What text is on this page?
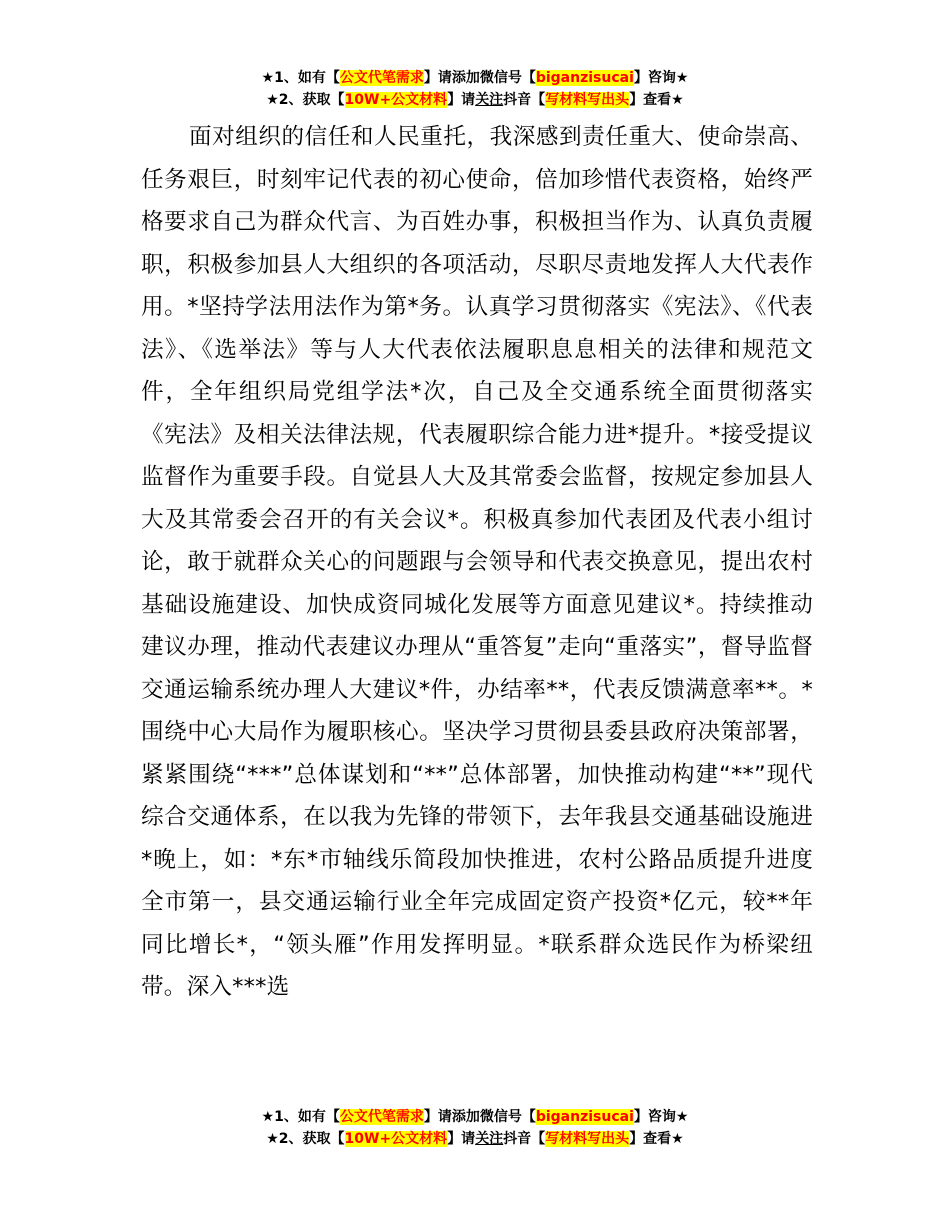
★1、如有【公文代笔需求】请添加微信号【biganzisucai】咨询★
★2、获取【10W+公文材料】请关注抖音【写材料写出头】查看★

面对组织的信任和人民重托，我深感到责任重大、使命崇高、任务艰巨，时刻牢记代表的初心使命，倍加珍惜代表资格，始终严格要求自己为群众代言、为百姓办事，积极担当作为、认真负责履职，积极参加县人大组织的各项活动，尽职尽责地发挥人大代表作用。*坚持学法用法作为第*务。认真学习贯彻落实《宪法》、《代表法》、《选举法》等与人大代表依法履职息息相关的法律和规范文件，全年组织局党组学法*次，自己及全交通系统全面贯彻落实《宪法》及相关法律法规，代表履职综合能力进*提升。*接受提议监督作为重要手段。自觉县人大及其常委会监督，按规定参加县人大及其常委会召开的有关会议*。积极真参加代表团及代表小组讨论，敢于就群众关心的问题跟与会领导和代表交换意见，提出农村基础设施建设、加快成资同城化发展等方面意见建议*。持续推动建议办理，推动代表建议办理从“重答复”走向“重落实”，督导监督交通运输系统办理人大建议*件，办结率**，代表反馈满意率**。*围绕中心大局作为履职核心。坚决学习贯彻县委县政府决策部署，紧紧围绕“***”总体谋划和“**”总体部署，加快推动构建“**”现代综合交通体系，在以我为先锋的带领下，去年我县交通基础设施进*晚上，如：*东*市轴线乐简段加快推进，农村公路品质提升进度全市第一，县交通运输行业全年完成固定资产投资*亿元，较**年同比增长*，“领头雁”作用发挥明显。*联系群众选民作为桥梁纽带。深入***选

★1、如有【公文代笔需求】请添加微信号【biganzisucai】咨询★
★2、获取【10W+公文材料】请关注抖音【写材料写出头】查看★
